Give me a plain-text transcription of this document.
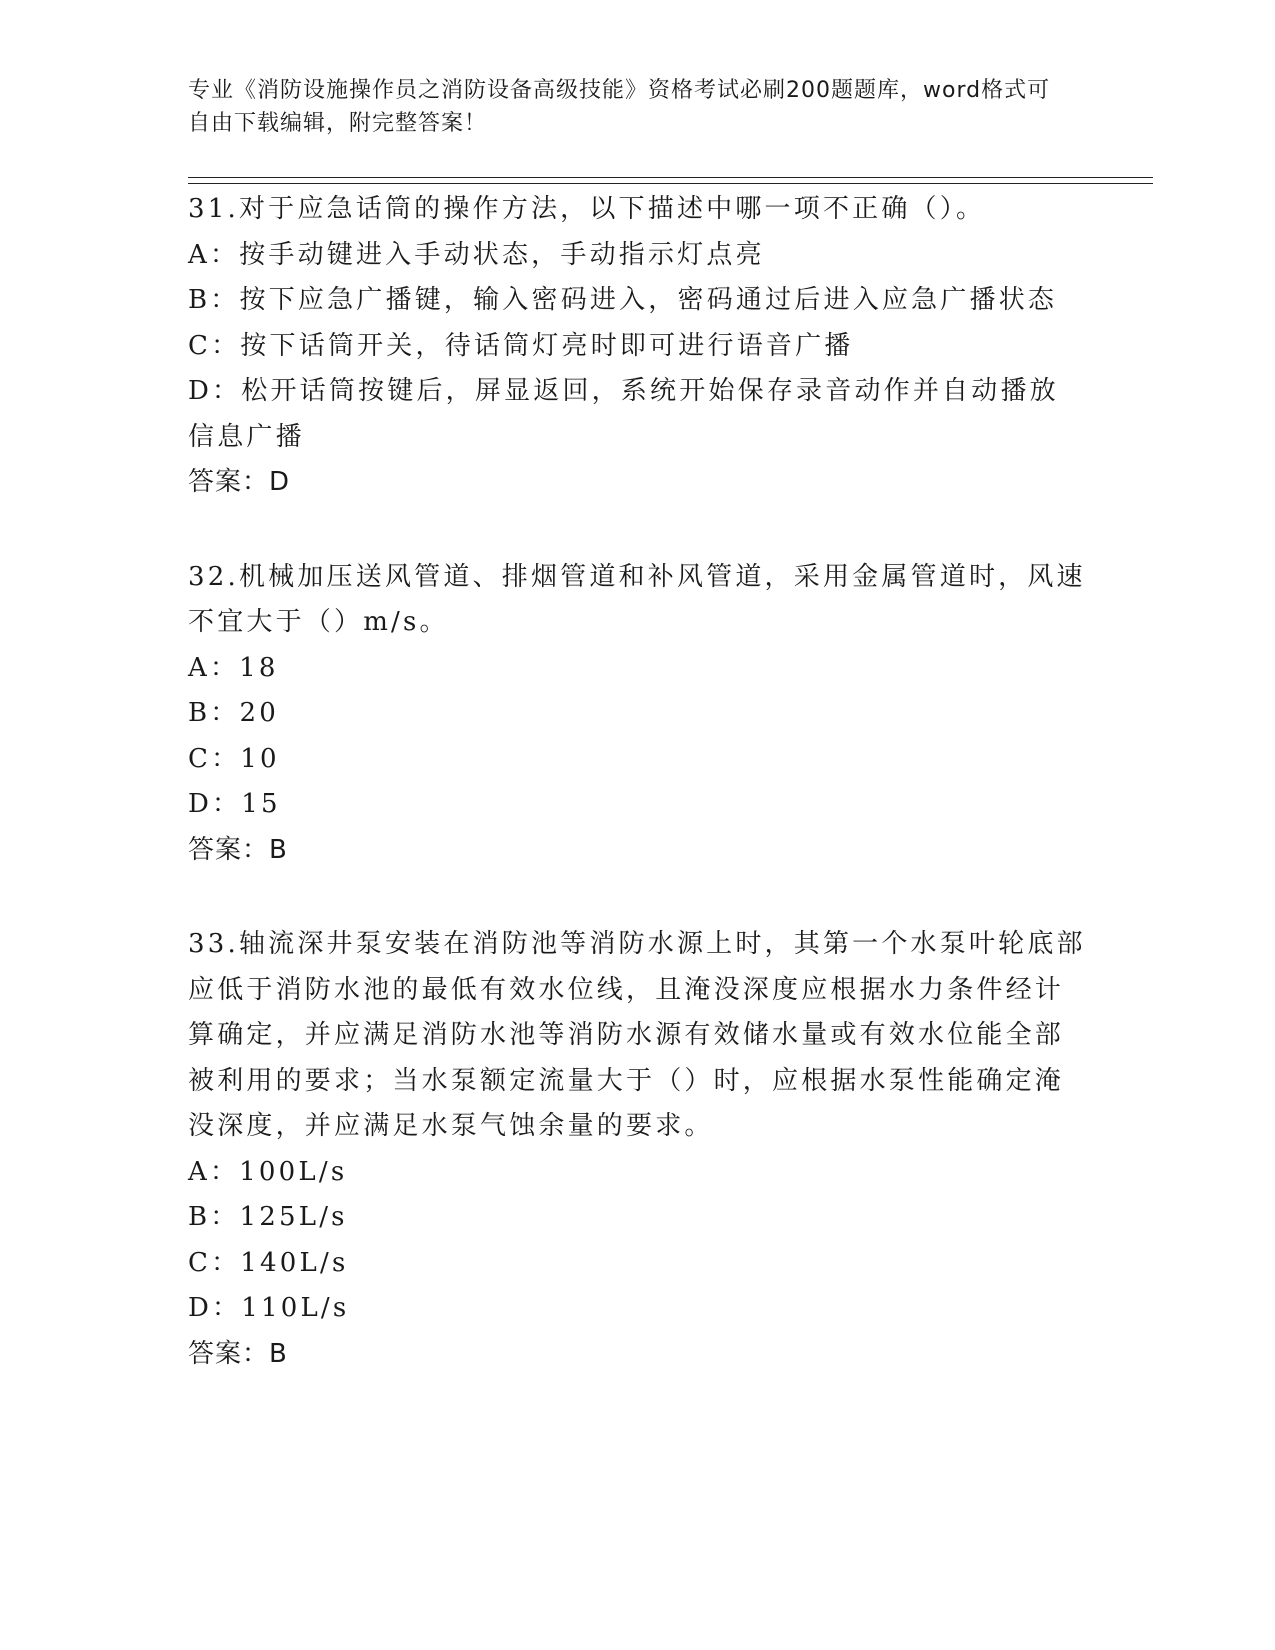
专业《消防设施操作员之消防设备高级技能》资格考试必刷200题题库，word格式可自由下载编辑，附完整答案！

31.对于应急话筒的操作方法，以下描述中哪一项不正确（）。

A：按手动键进入手动状态，手动指示灯点亮

B：按下应急广播键，输入密码进入，密码通过后进入应急广播状态

C：按下话筒开关，待话筒灯亮时即可进行语音广播

D：松开话筒按键后，屏显返回，系统开始保存录音动作并自动播放信息广播

答案：D

32.机械加压送风管道、排烟管道和补风管道，采用金属管道时，风速不宜大于（）m/s。

A：18

B：20

C：10

D：15

答案：B

33.轴流深井泵安装在消防池等消防水源上时，其第一个水泵叶轮底部应低于消防水池的最低有效水位线，且淹没深度应根据水力条件经计算确定，并应满足消防水池等消防水源有效储水量或有效水位能全部被利用的要求；当水泵额定流量大于（）时，应根据水泵性能确定淹没深度，并应满足水泵气蚀余量的要求。

A：100L/s

B：125L/s

C：140L/s

D：110L/s

答案：B
